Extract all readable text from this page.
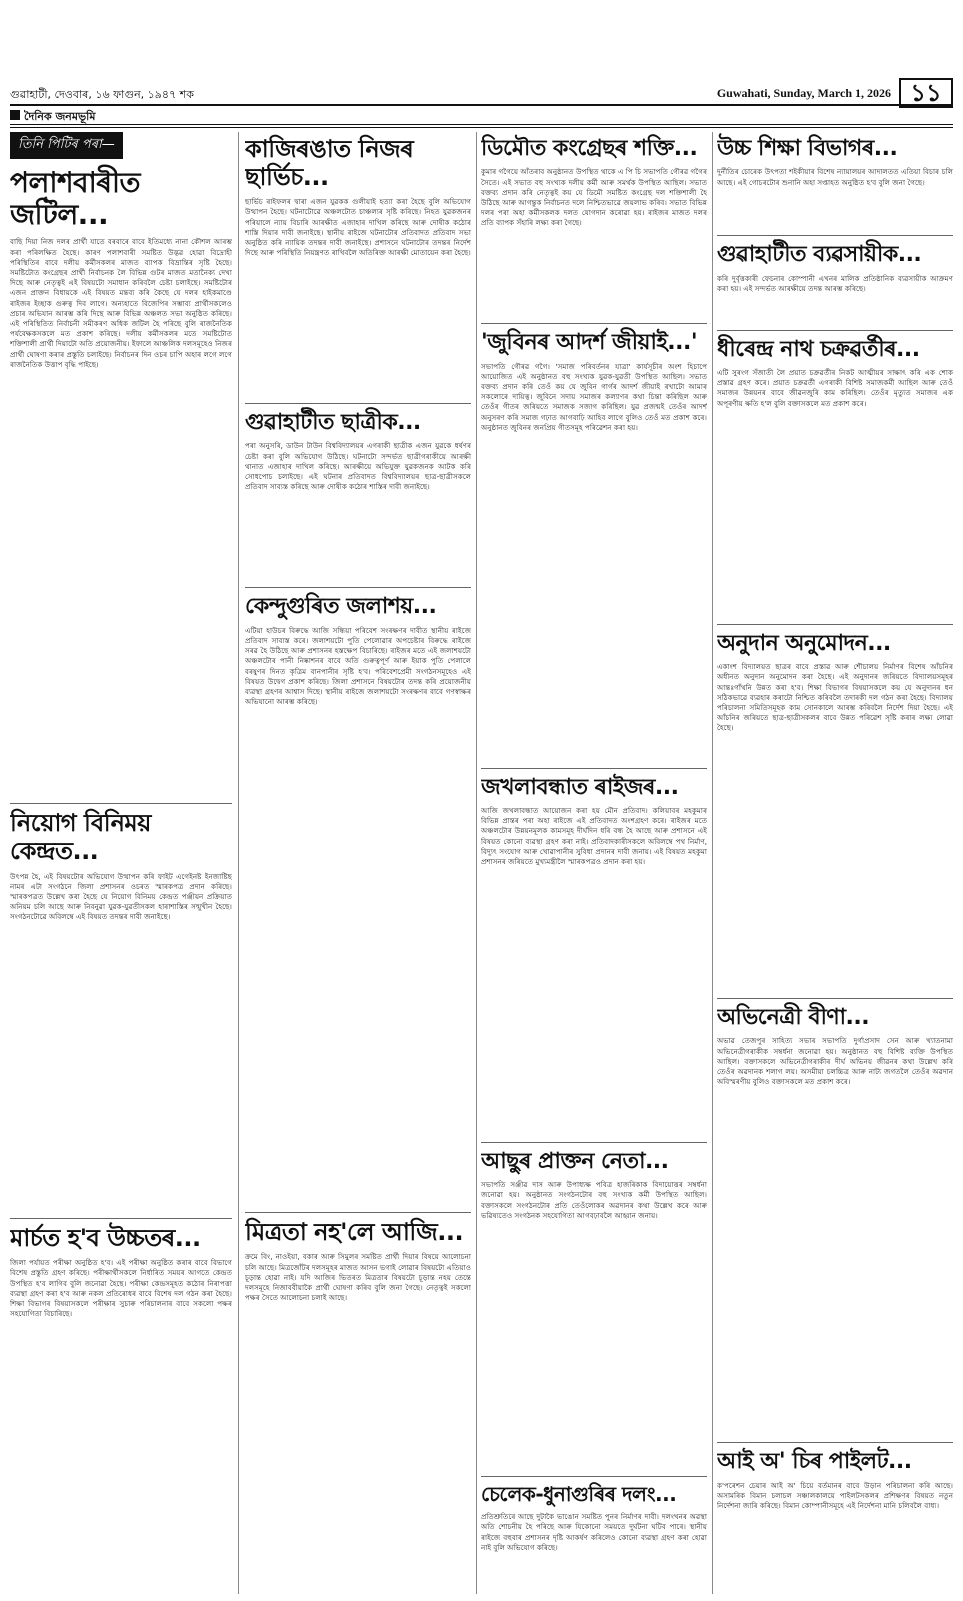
গুৱাহাটী, দেওবাৰ, ১৬ ফাগুন, ১৯৪৭ শক	Guwahati, Sunday, March 1, 2026 ১১
দৈনিক জনমভূমি
তিনি পিটিৰ পৰা—
পলাশবাৰীত জটিল...
বাছি দিয়া নিজ দলৰ প্ৰাৰ্থী যাতে বৰবাৰে বাবে ইতিমধ্যে নানা কৌশল আৰম্ভ কৰা পৰিলক্ষিত হৈছে। কাৰণ পলাশবাৰী সমষ্টিত উদ্ভৱ হোৱা বিদ্ৰোহী পৰিস্থিতিৰ বাবে দলীয় কৰ্মীসকলৰ মাজত ব্যাপক বিভ্ৰান্তিৰ সৃষ্টি হৈছে। সমষ্টিটোত কংগ্ৰেছৰ প্ৰাৰ্থী নিৰ্বাচনক লৈ বিভিন্ন গুটৰ মাজত মতানৈক্য দেখা দিছে আৰু নেতৃত্বই এই বিষয়টো সমাধান কৰিবলৈ চেষ্টা চলাইছে। সমষ্টিটোৰ এজন প্ৰাক্তন বিধায়কে এই বিষয়ত মন্তব্য কৰি কৈছে যে দলৰ হাইকমাণ্ডে ৰাইজৰ ইচ্ছাক গুৰুত্ব দিব লাগে। অন্যহাতে বিজেপিৰ সম্ভাব্য প্ৰাৰ্থীসকলেও প্ৰচাৰ অভিযান আৰম্ভ কৰি দিছে আৰু বিভিন্ন অঞ্চলত সভা অনুষ্ঠিত কৰিছে। এই পৰিস্থিতিত নিৰ্বাচনী সমীকৰণ অধিক জটিল হৈ পৰিছে বুলি ৰাজনৈতিক পৰ্যবেক্ষকসকলে মত প্ৰকাশ কৰিছে। দলীয় কৰ্মীসকলৰ মতে সমষ্টিটোত শক্তিশালী প্ৰাৰ্থী দিয়াটো অতি প্ৰয়োজনীয়। ইফালে আঞ্চলিক দলসমূহেও নিজৰ প্ৰাৰ্থী ঘোষণা কৰাৰ প্ৰস্তুতি চলাইছে। নিৰ্বাচনৰ দিন ওচৰ চাপি অহাৰ লগে লগে ৰাজনৈতিক উত্তাপ বৃদ্ধি পাইছে।
নিয়োগ বিনিময় কেন্দ্ৰত...
উৎপন্ন হৈ, এই বিষয়টোৰ অভিযোগ উত্থাপন কৰি ফাইট এগেইনষ্ট ইনজাষ্টিছ নামৰ এটা সংগঠনে জিলা প্ৰশাসনৰ ওচৰত স্মাৰকপত্ৰ প্ৰদান কৰিছে। স্মাৰকপত্ৰত উল্লেখ কৰা হৈছে যে নিয়োগ বিনিময় কেন্দ্ৰত পঞ্জীয়ন প্ৰক্ৰিয়াত অনিয়ম চলি আছে আৰু নিবনুৱা যুৱক-যুৱতীসকল হাৰাশাস্তিৰ সন্মুখীন হৈছে। সংগঠনটোৱে অবিলম্বে এই বিষয়ত তদন্তৰ দাবী জনাইছে।
মাৰ্চত হ'ব উচ্চতৰ...
জিলা পৰ্যায়ত পৰীক্ষা অনুষ্ঠিত হ'ব। এই পৰীক্ষা অনুষ্ঠিত কৰাৰ বাবে বিভাগে বিশেষ প্ৰস্তুতি গ্ৰহণ কৰিছে। পৰীক্ষাৰ্থীসকলে নিৰ্ধাৰিত সময়ৰ আগতে কেন্দ্ৰত উপস্থিত হ'ব লাগিব বুলি জনোৱা হৈছে। পৰীক্ষা কেন্দ্ৰসমূহত কঠোৰ নিৰাপত্তা ব্যৱস্থা গ্ৰহণ কৰা হ'ব আৰু নকল প্ৰতিৰোধৰ বাবে বিশেষ দল গঠন কৰা হৈছে। শিক্ষা বিভাগৰ বিষয়াসকলে পৰীক্ষাৰ সুচাৰু পৰিচালনাৰ বাবে সকলো পক্ষৰ সহযোগিতা বিচাৰিছে।
কাজিৰঙাত নিজৰ ছাৰ্ভিচ...
ছাৰ্ভিচ ৰাইফলৰ দ্বাৰা এজন যুৱকক গুলীয়াই হত্যা কৰা হৈছে বুলি অভিযোগ উত্থাপন হৈছে। ঘটনাটোৱে অঞ্চলটোত চাঞ্চল্যৰ সৃষ্টি কৰিছে। নিহত যুৱকজনৰ পৰিয়ালে ন্যায় বিচাৰি আৰক্ষীত এজাহাৰ দাখিল কৰিছে আৰু দোষীক কঠোৰ শাস্তি দিয়াৰ দাবী জনাইছে। স্থানীয় ৰাইজে ঘটনাটোৰ প্ৰতিবাদত প্ৰতিবাদ সভা অনুষ্ঠিত কৰি ন্যায়িক তদন্তৰ দাবী জনাইছে। প্ৰশাসনে ঘটনাটোৰ তদন্তৰ নিৰ্দেশ দিছে আৰু পৰিস্থিতি নিয়ন্ত্ৰণত ৰাখিবলৈ অতিৰিক্ত আৰক্ষী মোতায়েন কৰা হৈছে।
গুৱাহাটীত ছাত্ৰীক...
পৰা অনুসৰি, ডাউন টাউন বিশ্ববিদ্যালয়ৰ এগৰাকী ছাত্ৰীক এজন যুৱকে ধৰ্ষণৰ চেষ্টা কৰা বুলি অভিযোগ উঠিছে। ঘটনাটো সন্দৰ্ভত ছাত্ৰীগৰাকীয়ে আৰক্ষী থানাত এজাহাৰ দাখিল কৰিছে। আৰক্ষীয়ে অভিযুক্ত যুৱকজনক আটক কৰি সোধপোচ চলাইছে। এই ঘটনাৰ প্ৰতিবাদত বিশ্ববিদ্যালয়ৰ ছাত্ৰ-ছাত্ৰীসকলে প্ৰতিবাদ সাব্যস্ত কৰিছে আৰু দোষীক কঠোৰ শাস্তিৰ দাবী জনাইছে।
কেন্দুগুৰিত জলাশয়...
এটিয়া হাউচৰ বিৰুদ্ধে আজি সন্ধিয়া পৰিবেশ সংৰক্ষণৰ দাবীত স্থানীয় ৰাইজে প্ৰতিবাদ সাব্যস্ত কৰে। জলাশয়টো পুতি পেলোৱাৰ অপচেষ্টাৰ বিৰুদ্ধে ৰাইজে সৰৱ হৈ উঠিছে আৰু প্ৰশাসনৰ হস্তক্ষেপ বিচাৰিছে। ৰাইজৰ মতে এই জলাশয়টো অঞ্চলটোৰ পানী নিষ্কাশনৰ বাবে অতি গুৰুত্বপূৰ্ণ আৰু ইয়াক পুতি পেলালে বৰষুণৰ দিনত কৃত্ৰিম বানপানীৰ সৃষ্টি হ'ব। পৰিবেশপ্ৰেমী সংগঠনসমূহেও এই বিষয়ত উদ্বেগ প্ৰকাশ কৰিছে। জিলা প্ৰশাসনে বিষয়টোৰ তদন্ত কৰি প্ৰয়োজনীয় ব্যৱস্থা গ্ৰহণৰ আশ্বাস দিছে। স্থানীয় ৰাইজে জলাশয়টো সংৰক্ষণৰ বাবে গণস্বাক্ষৰ অভিযানো আৰম্ভ কৰিছে।
মিত্ৰতা নহ'লে আজি...
ক্ৰমে বিং, নাওইয়া, বকাৰ আৰু সিমুলৰ সমষ্টিত প্ৰাৰ্থী দিয়াৰ বিষয়ে আলোচনা চলি আছে। মিত্ৰজোঁটৰ দলসমূহৰ মাজত আসন ভগাই লোৱাৰ বিষয়টো এতিয়াও চূড়ান্ত হোৱা নাই। যদি আজিৰ ভিতৰত মিত্ৰতাৰ বিষয়টো চূড়ান্ত নহয় তেন্তে দলসমূহে নিজাববীয়াকৈ প্ৰাৰ্থী ঘোষণা কৰিব বুলি জনা গৈছে। নেতৃত্বই সকলো পক্ষৰ সৈতে আলোচনা চলাই আছে।
ডিমৌত কংগ্ৰেছৰ শক্তি...
কুমাৰ গগৈয়ে আঁতৰাব অনুষ্ঠানত উপস্থিত থাকে এ পি চি সভাপতি গৌৰৱ গগৈৰ সৈতে। এই সভাত বহু সংখ্যক দলীয় কৰ্মী আৰু সমৰ্থক উপস্থিত আছিল। সভাত বক্তব্য প্ৰদান কৰি নেতৃত্বই কয় যে ডিমৌ সমষ্টিত কংগ্ৰেছ দল শক্তিশালী হৈ উঠিছে আৰু আগন্তুক নিৰ্বাচনত দলে নিশ্চিতভাৱে জয়লাভ কৰিব। সভাত বিভিন্ন দলৰ পৰা অহা কৰ্মীসকলক দলত যোগদান কৰোৱা হয়। ৰাইজৰ মাজত দলৰ প্ৰতি ব্যাপক সঁহাৰি লক্ষ্য কৰা গৈছে।
'জুবিনৰ আদৰ্শ জীয়াই...'
সভাপতি গৌৰৱ গগৈ। 'সমাজ পৰিবৰ্তনৰ যাত্ৰা' কাৰ্যসূচীৰ অংশ হিচাপে আয়োজিত এই অনুষ্ঠানত বহু সংখ্যক যুৱক-যুৱতী উপস্থিত আছিল। সভাত বক্তব্য প্ৰদান কৰি তেওঁ কয় যে জুবিন গাৰ্গৰ আদৰ্শ জীয়াই ৰখাটো আমাৰ সকলোৰে দায়িত্ব। জুবিনে সদায় সমাজৰ কল্যাণৰ কথা চিন্তা কৰিছিল আৰু তেওঁৰ গীতৰ জৰিয়তে সমাজক সজাগ কৰিছিল। যুৱ প্ৰজন্মই তেওঁৰ আদৰ্শ অনুসৰণ কৰি সমাজ গঢ়াত আগবাঢ়ি আহিব লাগে বুলিও তেওঁ মত প্ৰকাশ কৰে। অনুষ্ঠানত জুবিনৰ জনপ্ৰিয় গীতসমূহ পৰিৱেশন কৰা হয়।
জখলাবন্ধাত ৰাইজৰ...
আজি জখলাবন্ধাত আয়োজন কৰা হয় মৌন প্ৰতিবাদ। কলিয়াবৰ মহকুমাৰ বিভিন্ন প্ৰান্তৰ পৰা অহা ৰাইজে এই প্ৰতিবাদত অংশগ্ৰহণ কৰে। ৰাইজৰ মতে অঞ্চলটোৰ উন্নয়নমূলক কামসমূহ দীৰ্ঘদিন ধৰি বন্ধ হৈ আছে আৰু প্ৰশাসনে এই বিষয়ত কোনো ব্যৱস্থা গ্ৰহণ কৰা নাই। প্ৰতিবাদকাৰীসকলে অবিলম্বে পথ নিৰ্মাণ, বিদ্যুৎ সংযোগ আৰু খোৱাপানীৰ সুবিধা প্ৰদানৰ দাবী জনায়। এই বিষয়ত মহকুমা প্ৰশাসনৰ জৰিয়তে মুখ্যমন্ত্ৰীলৈ স্মাৰকপত্ৰও প্ৰদান কৰা হয়।
আছুৰ প্ৰাক্তন নেতা...
সভাপতি সঞ্জীৱ দাস আৰু উপাধ্যক্ষ পবিত্ৰ হাজৰিকাক বিদায়োত্তৰ সম্বৰ্ধনা জনোৱা হয়। অনুষ্ঠানত সংগঠনটোৰ বহু সংখ্যক কৰ্মী উপস্থিত আছিল। বক্তাসকলে সংগঠনটোৰ প্ৰতি তেওঁলোকৰ অৱদানৰ কথা উল্লেখ কৰে আৰু ভৱিষ্যতেও সংগঠনক সহযোগিতা আগবঢ়াবলৈ আহ্বান জনায়।
চেলেক-ধুনাগুৰিৰ দলং...
প্ৰতিশ্ৰুতিৰে আছে দুটাকৈ ভাঙোন সমষ্টিত পুনৰ নিৰ্মাণৰ দাবী। দলংখনৰ অৱস্থা অতি শোচনীয় হৈ পৰিছে আৰু যিকোনো সময়তে দুৰ্ঘটনা ঘটিব পাৰে। স্থানীয় ৰাইজে বহুবাৰ প্ৰশাসনৰ দৃষ্টি আকৰ্ষণ কৰিলেও কোনো ব্যৱস্থা গ্ৰহণ কৰা হোৱা নাই বুলি অভিযোগ কৰিছে।
উচ্চ শিক্ষা বিভাগৰ...
দুৰ্নীতিৰ চোৰেক উৎপতা শইকীয়াৰ বিশেষ ন্যায়ালয়ৰ আদালতত এতিয়া বিচাৰ চলি আছে। এই গোচৰটোৰ শুনানি অহা সপ্তাহত অনুষ্ঠিত হ'ব বুলি জনা গৈছে।
গুৱাহাটীত ব্যৱসায়ীক...
কৰি দুৰ্বৃত্তকাৰী ফেচনাৰ কোম্পানী এখনৰ মালিক প্ৰতিষ্ঠানিক ব্যৱসায়ীক আক্ৰমণ কৰা হয়। এই সন্দৰ্ভত আৰক্ষীয়ে তদন্ত আৰম্ভ কৰিছে।
ধীৰেন্দ্ৰ নাথ চক্ৰৱৰ্তীৰ...
এটি সুৰংগ সঁজাতী লৈ প্ৰয়াত চক্ৰৱৰ্তীৰ নিকট আত্মীয়ৰ সাক্ষাৎ কৰি এক শোক প্ৰস্তাৱ গ্ৰহণ কৰে। প্ৰয়াত চক্ৰৱৰ্তী এগৰাকী বিশিষ্ট সমাজকৰ্মী আছিল আৰু তেওঁ সমাজৰ উন্নয়নৰ বাবে জীৱনজুৰি কাম কৰিছিল। তেওঁৰ মৃত্যুত সমাজৰ এক অপূৰণীয় ক্ষতি হ'ল বুলি বক্তাসকলে মত প্ৰকাশ কৰে।
অনুদান অনুমোদন...
একাংশ বিদ্যালয়ত ছাত্ৰৰ বাবে প্ৰস্তাৱ আৰু শৌচালয় নিৰ্মাণৰ বিশেষ আঁচনিৰ অধীনত অনুদান অনুমোদন কৰা হৈছে। এই অনুদানৰ জৰিয়তে বিদ্যালয়সমূহৰ আন্তঃগাঁথনি উন্নত কৰা হ'ব। শিক্ষা বিভাগৰ বিষয়াসকলে কয় যে অনুদানৰ ধন সঠিকভাৱে ব্যৱহাৰ কৰাটো নিশ্চিত কৰিবলৈ তদাৰকী দল গঠন কৰা হৈছে। বিদ্যালয় পৰিচালনা সমিতিসমূহক কাম সোনকালে আৰম্ভ কৰিবলৈ নিৰ্দেশ দিয়া হৈছে। এই আঁচনিৰ জৰিয়তে ছাত্ৰ-ছাত্ৰীসকলৰ বাবে উন্নত পৰিৱেশ সৃষ্টি কৰাৰ লক্ষ্য লোৱা হৈছে।
অভিনেত্ৰী বীণা...
অভাৱ তেজপুৰ সাহিত্য সভাৰ সভাপতি দুৰ্গাপ্ৰসাদ সেন আৰু খ্যাতনামা অভিনেত্ৰীগৰাকীক সম্বৰ্ধনা জনোৱা হয়। অনুষ্ঠানত বহু বিশিষ্ট ব্যক্তি উপস্থিত আছিল। বক্তাসকলে অভিনেত্ৰীগৰাকীৰ দীৰ্ঘ অভিনয় জীৱনৰ কথা উল্লেখ কৰি তেওঁৰ অৱদানক শলাগ লয়। অসমীয়া চলচ্চিত্ৰ আৰু নাট্য জগতলৈ তেওঁৰ অৱদান অবিস্মৰণীয় বুলিও বক্তাসকলে মত প্ৰকাশ কৰে।
আই অ' চিৰ পাইলট...
ক'পৰেশন চেয়াৰ আই অ' চিয়ে বৰ্তমানৰ বাবে উড়ান পৰিচালনা কৰি আছে। অসামৰিক বিমান চলাচল সঞ্চালকালয়ে পাইলটসকলৰ প্ৰশিক্ষণৰ বিষয়ত নতুন নিৰ্দেশনা জাৰি কৰিছে। বিমান কোম্পানীসমূহে এই নিৰ্দেশনা মানি চলিবলৈ বাধ্য।
